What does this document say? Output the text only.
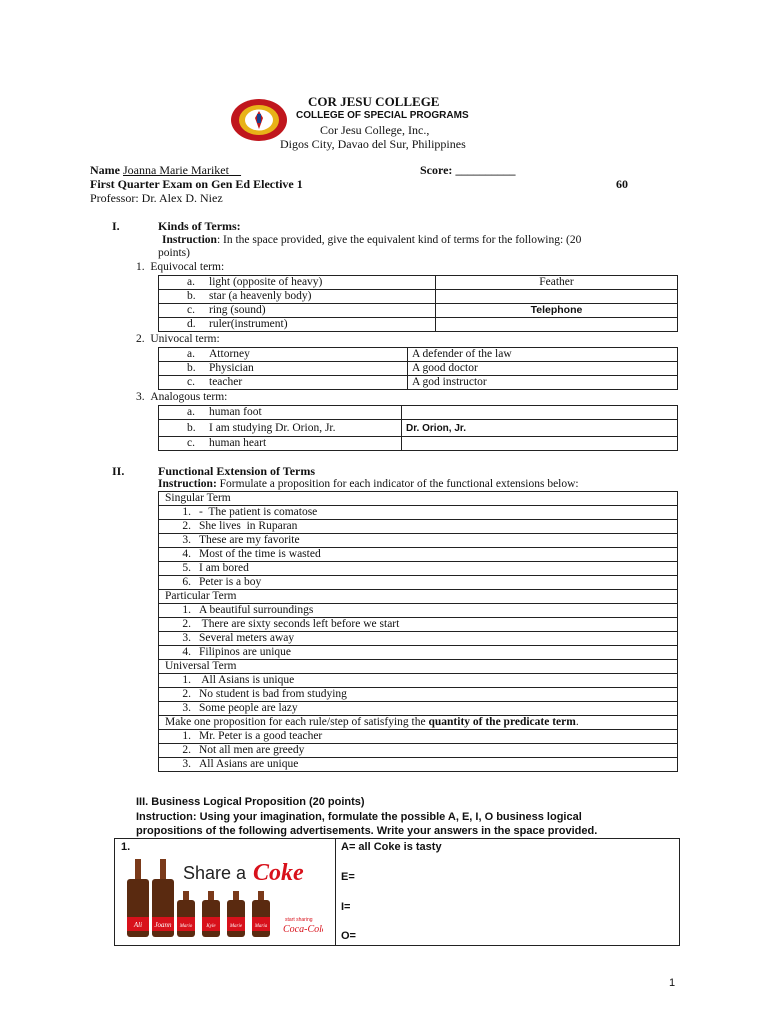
COR JESU COLLEGE
COLLEGE OF SPECIAL PROGRAMS
Cor Jesu College, Inc.,
Digos City, Davao del Sur, Philippines
Name Joanna Marie Mariket__	Score: __________
First Quarter Exam on Gen Ed Elective 1	60
Professor: Dr. Alex D. Niez
I.	Kinds of Terms:
Instruction: In the space provided, give the equivalent kind of terms for the following: (20
points)
1. Equivocal term:
a. light (opposite of heavy)	Feather
b. star (a heavenly body)	
c. ring (sound)	Telephone
d. ruler(instrument)	
2. Univocal term:
a. Attorney	A defender of the law
b. Physician	A good doctor
c. teacher	A god instructor
3. Analogous term:
a. human foot	
b. I am studying Dr. Orion, Jr.	Dr. Orion, Jr.
c. human heart	
II.	Functional Extension of Terms
Instruction: Formulate a proposition for each indicator of the functional extensions below:
Singular Term
1. -  The patient is comatose
2. She lives  in Ruparan
3. These are my favorite
4. Most of the time is wasted
5. I am bored
6. Peter is a boy
Particular Term
1. A beautiful surroundings
2. There are sixty seconds left before we start
3. Several meters away
4. Filipinos are unique
Universal Term
1. All Asians is unique
2. No student is bad from studying
3. Some people are lazy
Make one proposition for each rule/step of satisfying the quantity of the predicate term.
1. Mr. Peter is a good teacher
2. Not all men are greedy
3. All Asians are unique
III. Business Logical Proposition (20 points)
Instruction: Using your imagination, formulate the possible A, E, I, O business logical
propositions of the following advertisements. Write your answers in the space provided.
1.
Share a Coke
Ali Joann Mario	Kyle	Marie	Maria
start sharing
Coca-Cola
A= all Coke is tasty
E=
I=
O=
1
